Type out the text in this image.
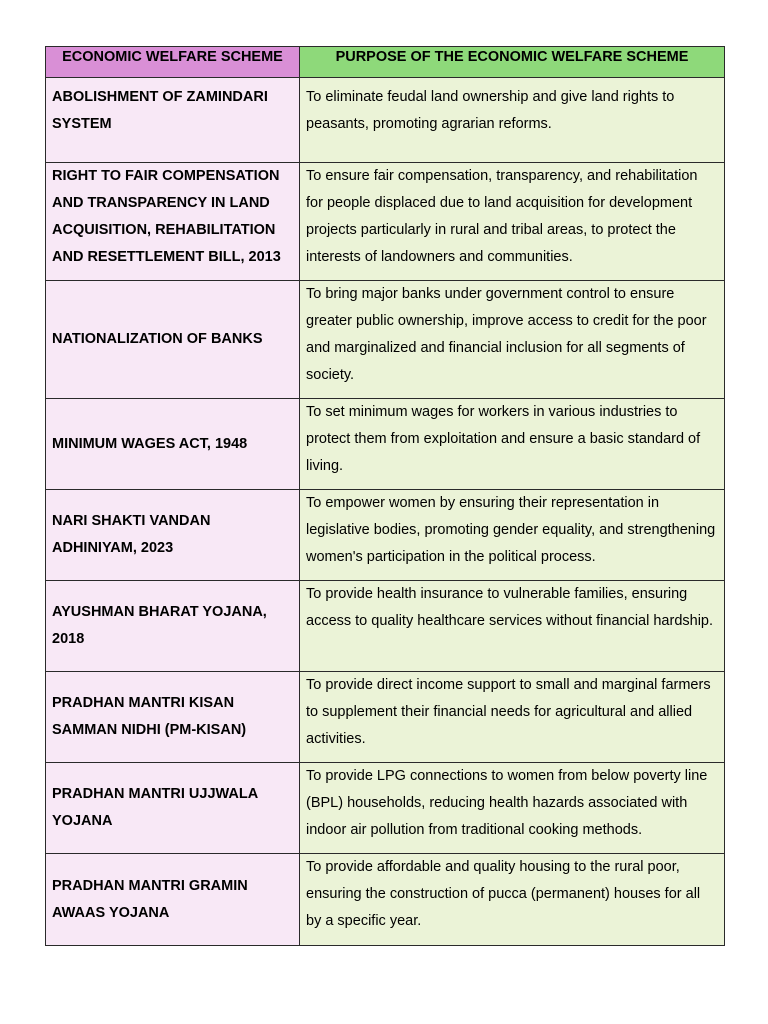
ECONOMIC WELFARE SCHEME	PURPOSE OF THE ECONOMIC WELFARE SCHEME
ABOLISHMENT OF ZAMINDARI SYSTEM	To eliminate feudal land ownership and give land rights to peasants, promoting agrarian reforms.
RIGHT TO FAIR COMPENSATION AND TRANSPARENCY IN LAND ACQUISITION, REHABILITATION AND RESETTLEMENT BILL, 2013	To ensure fair compensation, transparency, and rehabilitation for people displaced due to land acquisition for development projects particularly in rural and tribal areas, to protect the interests of landowners and communities.
NATIONALIZATION OF BANKS	To bring major banks under government control to ensure greater public ownership, improve access to credit for the poor and marginalized and financial inclusion for all segments of society.
MINIMUM WAGES ACT, 1948	To set minimum wages for workers in various industries to protect them from exploitation and ensure a basic standard of living.
NARI SHAKTI VANDAN ADHINIYAM, 2023	To empower women by ensuring their representation in legislative bodies, promoting gender equality, and strengthening women's participation in the political process.
AYUSHMAN BHARAT YOJANA, 2018	To provide health insurance to vulnerable families, ensuring access to quality healthcare services without financial hardship.
PRADHAN MANTRI KISAN SAMMAN NIDHI (PM-KISAN)	To provide direct income support to small and marginal farmers to supplement their financial needs for agricultural and allied activities.
PRADHAN MANTRI UJJWALA YOJANA	To provide LPG connections to women from below poverty line (BPL) households, reducing health hazards associated with indoor air pollution from traditional cooking methods.
PRADHAN MANTRI GRAMIN AWAAS YOJANA	To provide affordable and quality housing to the rural poor, ensuring the construction of pucca (permanent) houses for all by a specific year.
